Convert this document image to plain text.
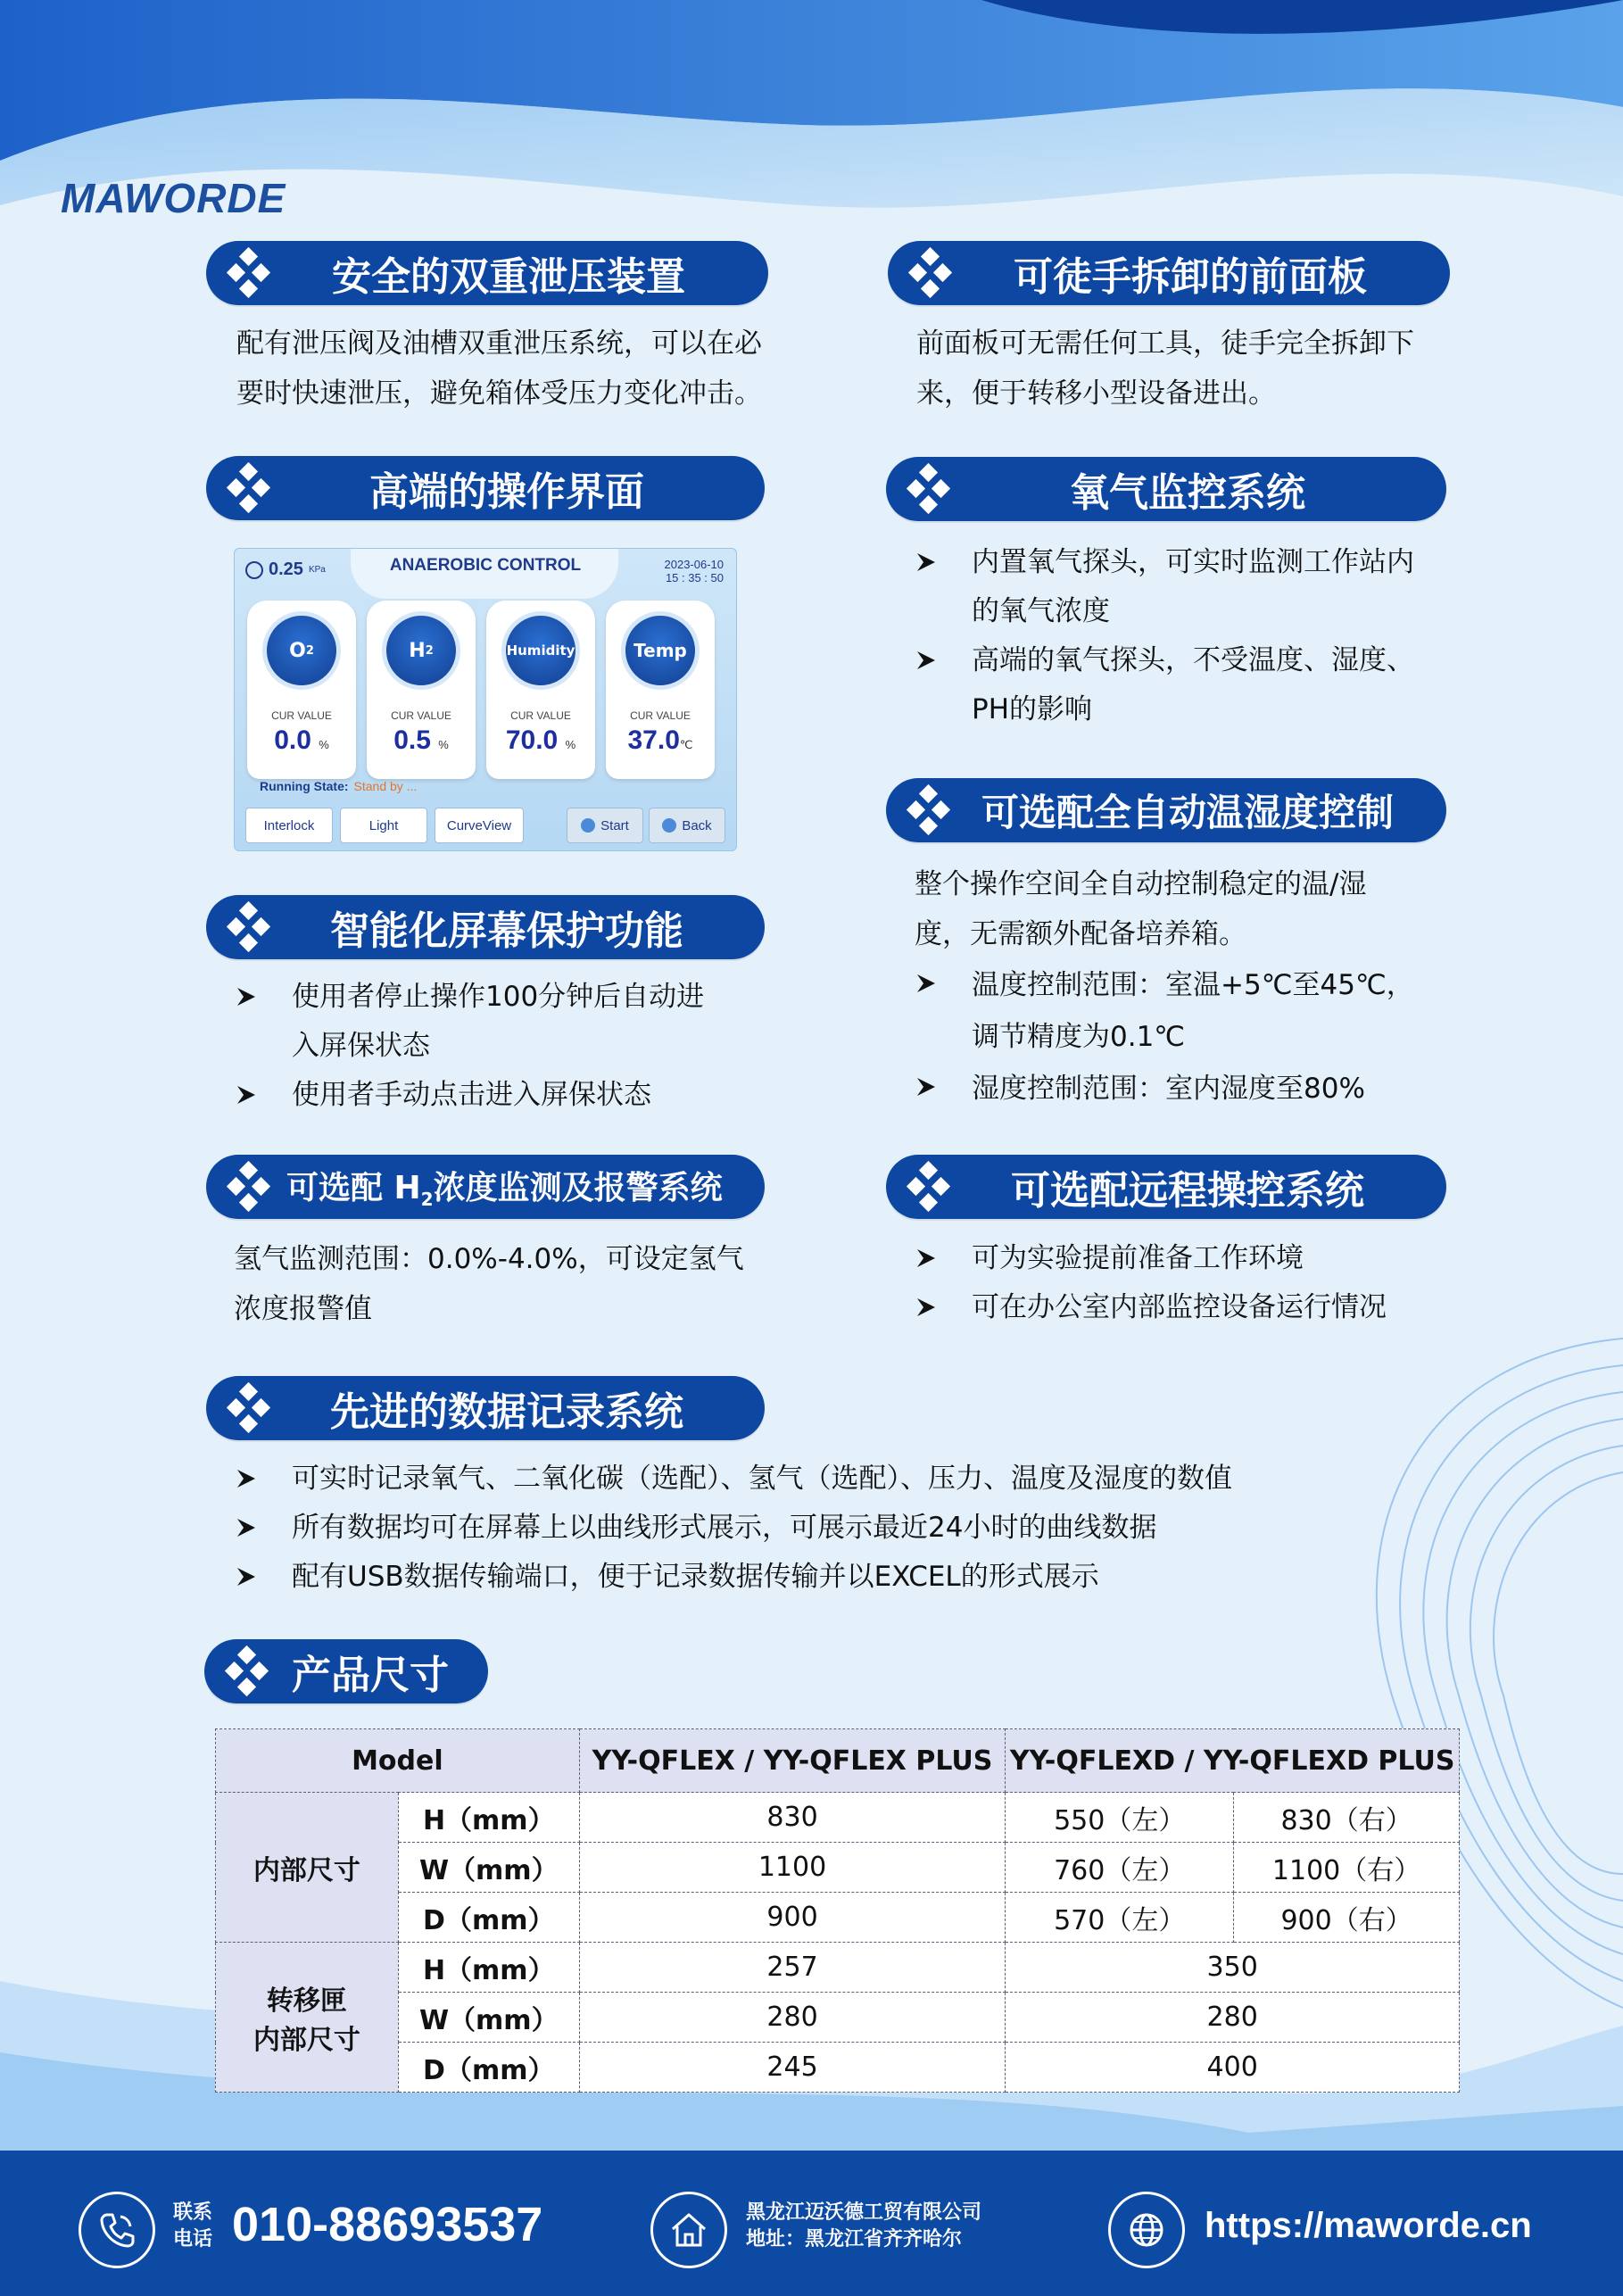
MAWORDE
安全的双重泄压装置

配有泄压阀及油槽双重泄压系统，可以在必

要时快速泄压，避免箱体受压力变化冲击。

可徒手拆卸的前面板

前面板可无需任何工具，徒手完全拆卸下

来，便于转移小型设备进出。

高端的操作界面
0.25 KPa	ANAEROBIC CONTROL	2023-06-10
15 : 35 : 50
O 2
CUR VALUE
0.0 %
H 2
CUR VALUE
0.5 %
Humidity
CUR VALUE
70.0 %
Temp
CUR VALUE
37.0℃
Running State: Stand by ...
Interlock	Light	CurveView	Start	Back
氧气监控系统
内置氧气探头，可实时监测工作站内
的氧气浓度
高端的氧气探头，不受温度、湿度、
PH的影响
可选配全自动温湿度控制

整个操作空间全自动控制稳定的温/湿

度，无需额外配备培养箱。

温度控制范围：室温+5℃至45℃，
调节精度为0.1℃
湿度控制范围：室内湿度至80%
智能化屏幕保护功能
使用者停止操作100分钟后自动进
入屏保状态
使用者手动点击进入屏保状态
可选配 $H_2$浓度监测及报警系统

氢气监测范围：0.0%-4.0%，可设定氢气

浓度报警值

可选配远程操控系统
可为实验提前准备工作环境
可在办公室内部监控设备运行情况
先进的数据记录系统
可实时记录氧气、二氧化碳（选配）、氢气（选配）、压力、温度及湿度的数值
所有数据均可在屏幕上以曲线形式展示，可展示最近24小时的曲线数据
配有USB数据传输端口，便于记录数据传输并以EXCEL的形式展示
产品尺寸
Model		YY-QFLEX / YY-QFLEX PLUS	YY-QFLEXD / YY-QFLEXD PLUS	
内部尺寸	H（mm）	830	550（左）	830（右）
	W（mm）	1100	760（左）	1100（右）
	D（mm）	900	570（左）	900（右）

转移匣
内部尺寸	H（mm）	257	350	
	W（mm）	280	280	
	D（mm）	245	400	
联系
电话 010-88693537	黑龙江迈沃德工贸有限公司
地址：黑龙江省齐齐哈尔	https://maworde.cn
